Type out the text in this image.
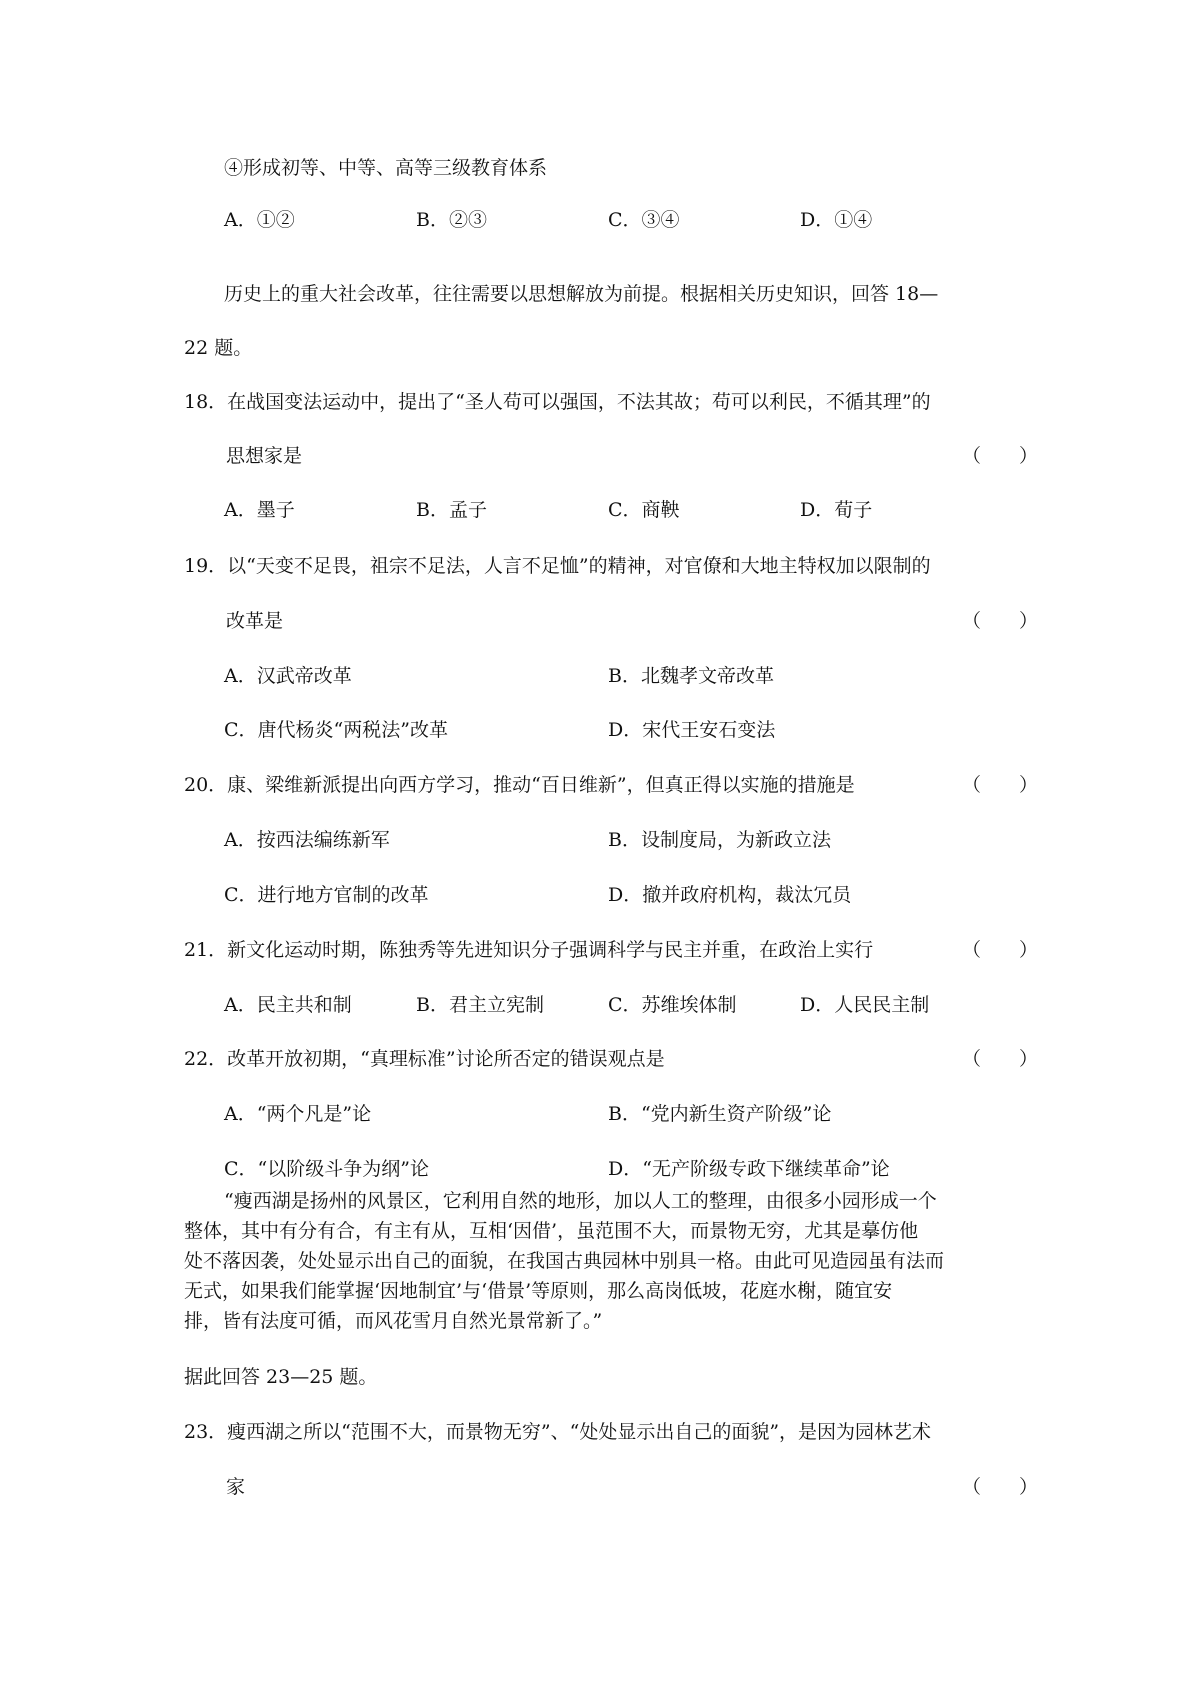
④形成初等、中等、高等三级教育体系
A．①②	B．②③	C．③④	D．①④
历史上的重大社会改革，往往需要以思想解放为前提。根据相关历史知识，回答 18—
22 题。
18．在战国变法运动中，提出了“圣人苟可以强国，不法其故；苟可以利民，不循其理”的
思想家是	（　　）
A．墨子	B．孟子	C．商鞅	D．荀子
19．以“天变不足畏，祖宗不足法，人言不足恤”的精神，对官僚和大地主特权加以限制的
改革是	（　　）
A．汉武帝改革	B．北魏孝文帝改革
C．唐代杨炎“两税法”改革	D．宋代王安石变法
20．康、梁维新派提出向西方学习，推动“百日维新”，但真正得以实施的措施是	（　　）
A．按西法编练新军	B．设制度局，为新政立法
C．进行地方官制的改革	D．撤并政府机构，裁汰冗员
21．新文化运动时期，陈独秀等先进知识分子强调科学与民主并重，在政治上实行	（　　）
A．民主共和制	B．君主立宪制	C．苏维埃体制	D．人民民主制
22．改革开放初期，“真理标准”讨论所否定的错误观点是	（　　）
A．“两个凡是”论	B．“党内新生资产阶级”论
C．“以阶级斗争为纲”论	D．“无产阶级专政下继续革命”论
“瘦西湖是扬州的风景区，它利用自然的地形，加以人工的整理，由很多小园形成一个
整体，其中有分有合，有主有从，互相‘因借’，虽范围不大，而景物无穷，尤其是摹仿他
处不落因袭，处处显示出自己的面貌，在我国古典园林中别具一格。由此可见造园虽有法而
无式，如果我们能掌握‘因地制宜’与‘借景’等原则，那么高岗低坡，花庭水榭，随宜安
排，皆有法度可循，而风花雪月自然光景常新了。”
据此回答 23—25 题。
23．瘦西湖之所以“范围不大，而景物无穷”、“处处显示出自己的面貌”，是因为园林艺术
家	（　　）
